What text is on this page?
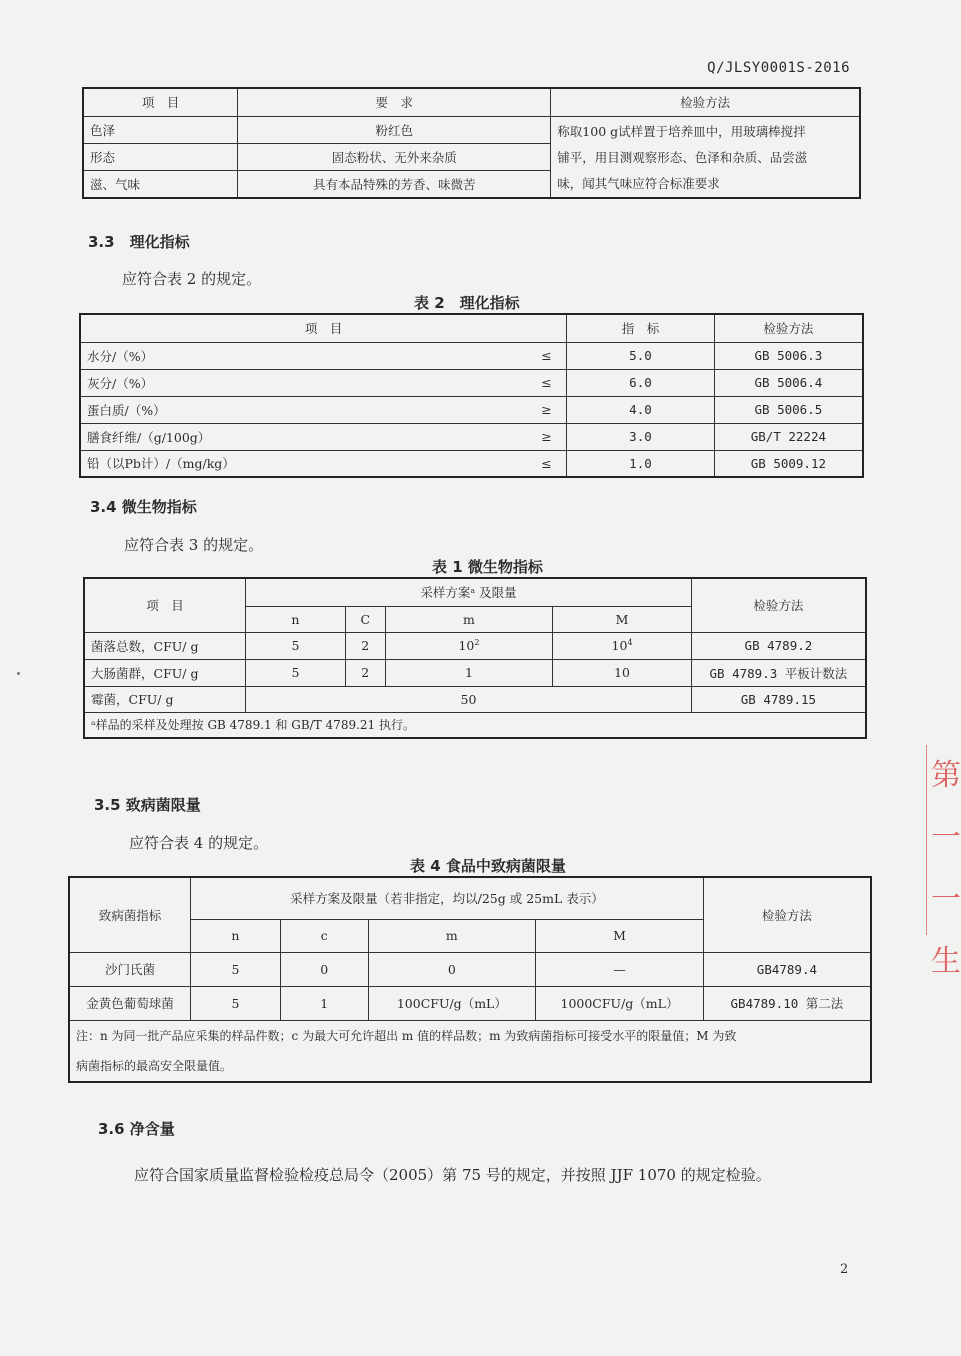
Q/JLSY0001S-2016
项　目	要　求	检验方法
色泽	粉红色	称取100 g试样置于培养皿中，用玻璃棒搅拌
铺平，用目测观察形态、色泽和杂质、品尝滋
味，闻其气味应符合标准要求

形态	固态粉状、无外来杂质	
滋、气味	具有本品特殊的芳香、味微苦	
3.3　理化指标
应符合表 2 的规定。
表 2　理化指标
项　目		指　标	检验方法
水分/（%）	≤	5.0	GB 5006.3
灰分/（%）	≤	6.0	GB 5006.4
蛋白质/（%）	≥	4.0	GB 5006.5
膳食纤维/（g/100g）	≥	3.0	GB/T 22224
铅（以Pb计）/（mg/kg）	≤	1.0	GB 5009.12
3.4 微生物指标
应符合表 3 的规定。
表 1 微生物指标
项　目	采样方案ᵃ 及限量				检验方法
	n	C	m	M	
菌落总数，CFU/ g	5	2	$10^2$	$10^4$	GB 4789.2
大肠菌群，CFU/ g	5	2	1	10	GB 4789.3 平板计数法
霉菌，CFU/ g	50				GB 4789.15
ᵃ样品的采样及处理按 GB 4789.1 和 GB/T 4789.21 执行。					
3.5 致病菌限量
应符合表 4 的规定。
表 4 食品中致病菌限量
致病菌指标	采样方案及限量（若非指定，均以/25g 或 25mL 表示）				检验方法
	n	c	m	M	
沙门氏菌	5	0	0	—	GB4789.4
金黄色葡萄球菌	5	1	100CFU/g（mL）	1000CFU/g（mL）	GB4789.10 第二法

注：n 为同一批产品应采集的样品件数；c 为最大可允许超出 m 值的样品数；m 为致病菌指标可接受水平的限量值；M 为致
病菌指标的最高安全限量值。					
3.6 净含量
应符合国家质量监督检验检疫总局令（2005）第 75 号的规定，并按照 JJF 1070 的规定检验。
2
第
一
一
生
